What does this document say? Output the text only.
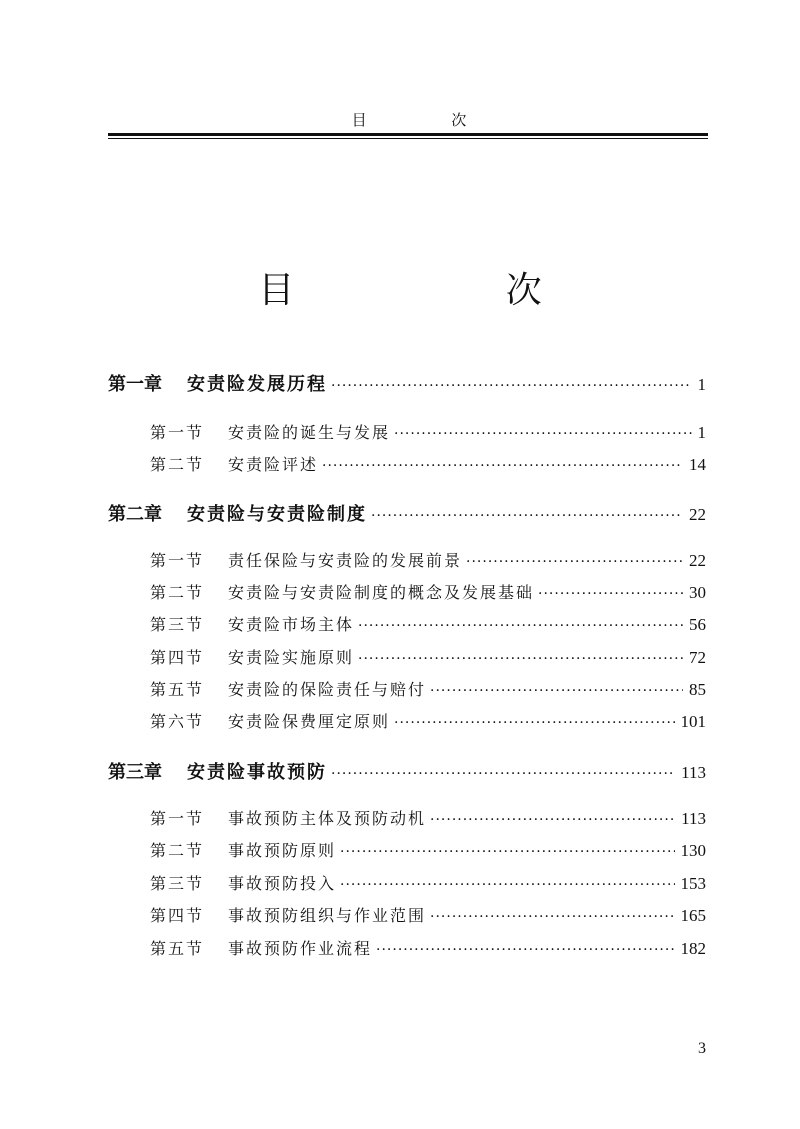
目 次
目 次
第一章	安责险发展历程 ·····	1
第一节	安责险的诞生与发展 ·····	1
第二节	安责险评述 ·····	14
第二章	安责险与安责险制度 ·····	22
第一节	责任保险与安责险的发展前景 ·····	22
第二节	安责险与安责险制度的概念及发展基础 ·····	30
第三节	安责险市场主体 ·····	56
第四节	安责险实施原则 ·····	72
第五节	安责险的保险责任与赔付 ·····	85
第六节	安责险保费厘定原则 ·····	101
第三章	安责险事故预防 ·····	113
第一节	事故预防主体及预防动机 ·····	113
第二节	事故预防原则 ·····	130
第三节	事故预防投入 ·····	153
第四节	事故预防组织与作业范围 ·····	165
第五节	事故预防作业流程 ·····	182
3
